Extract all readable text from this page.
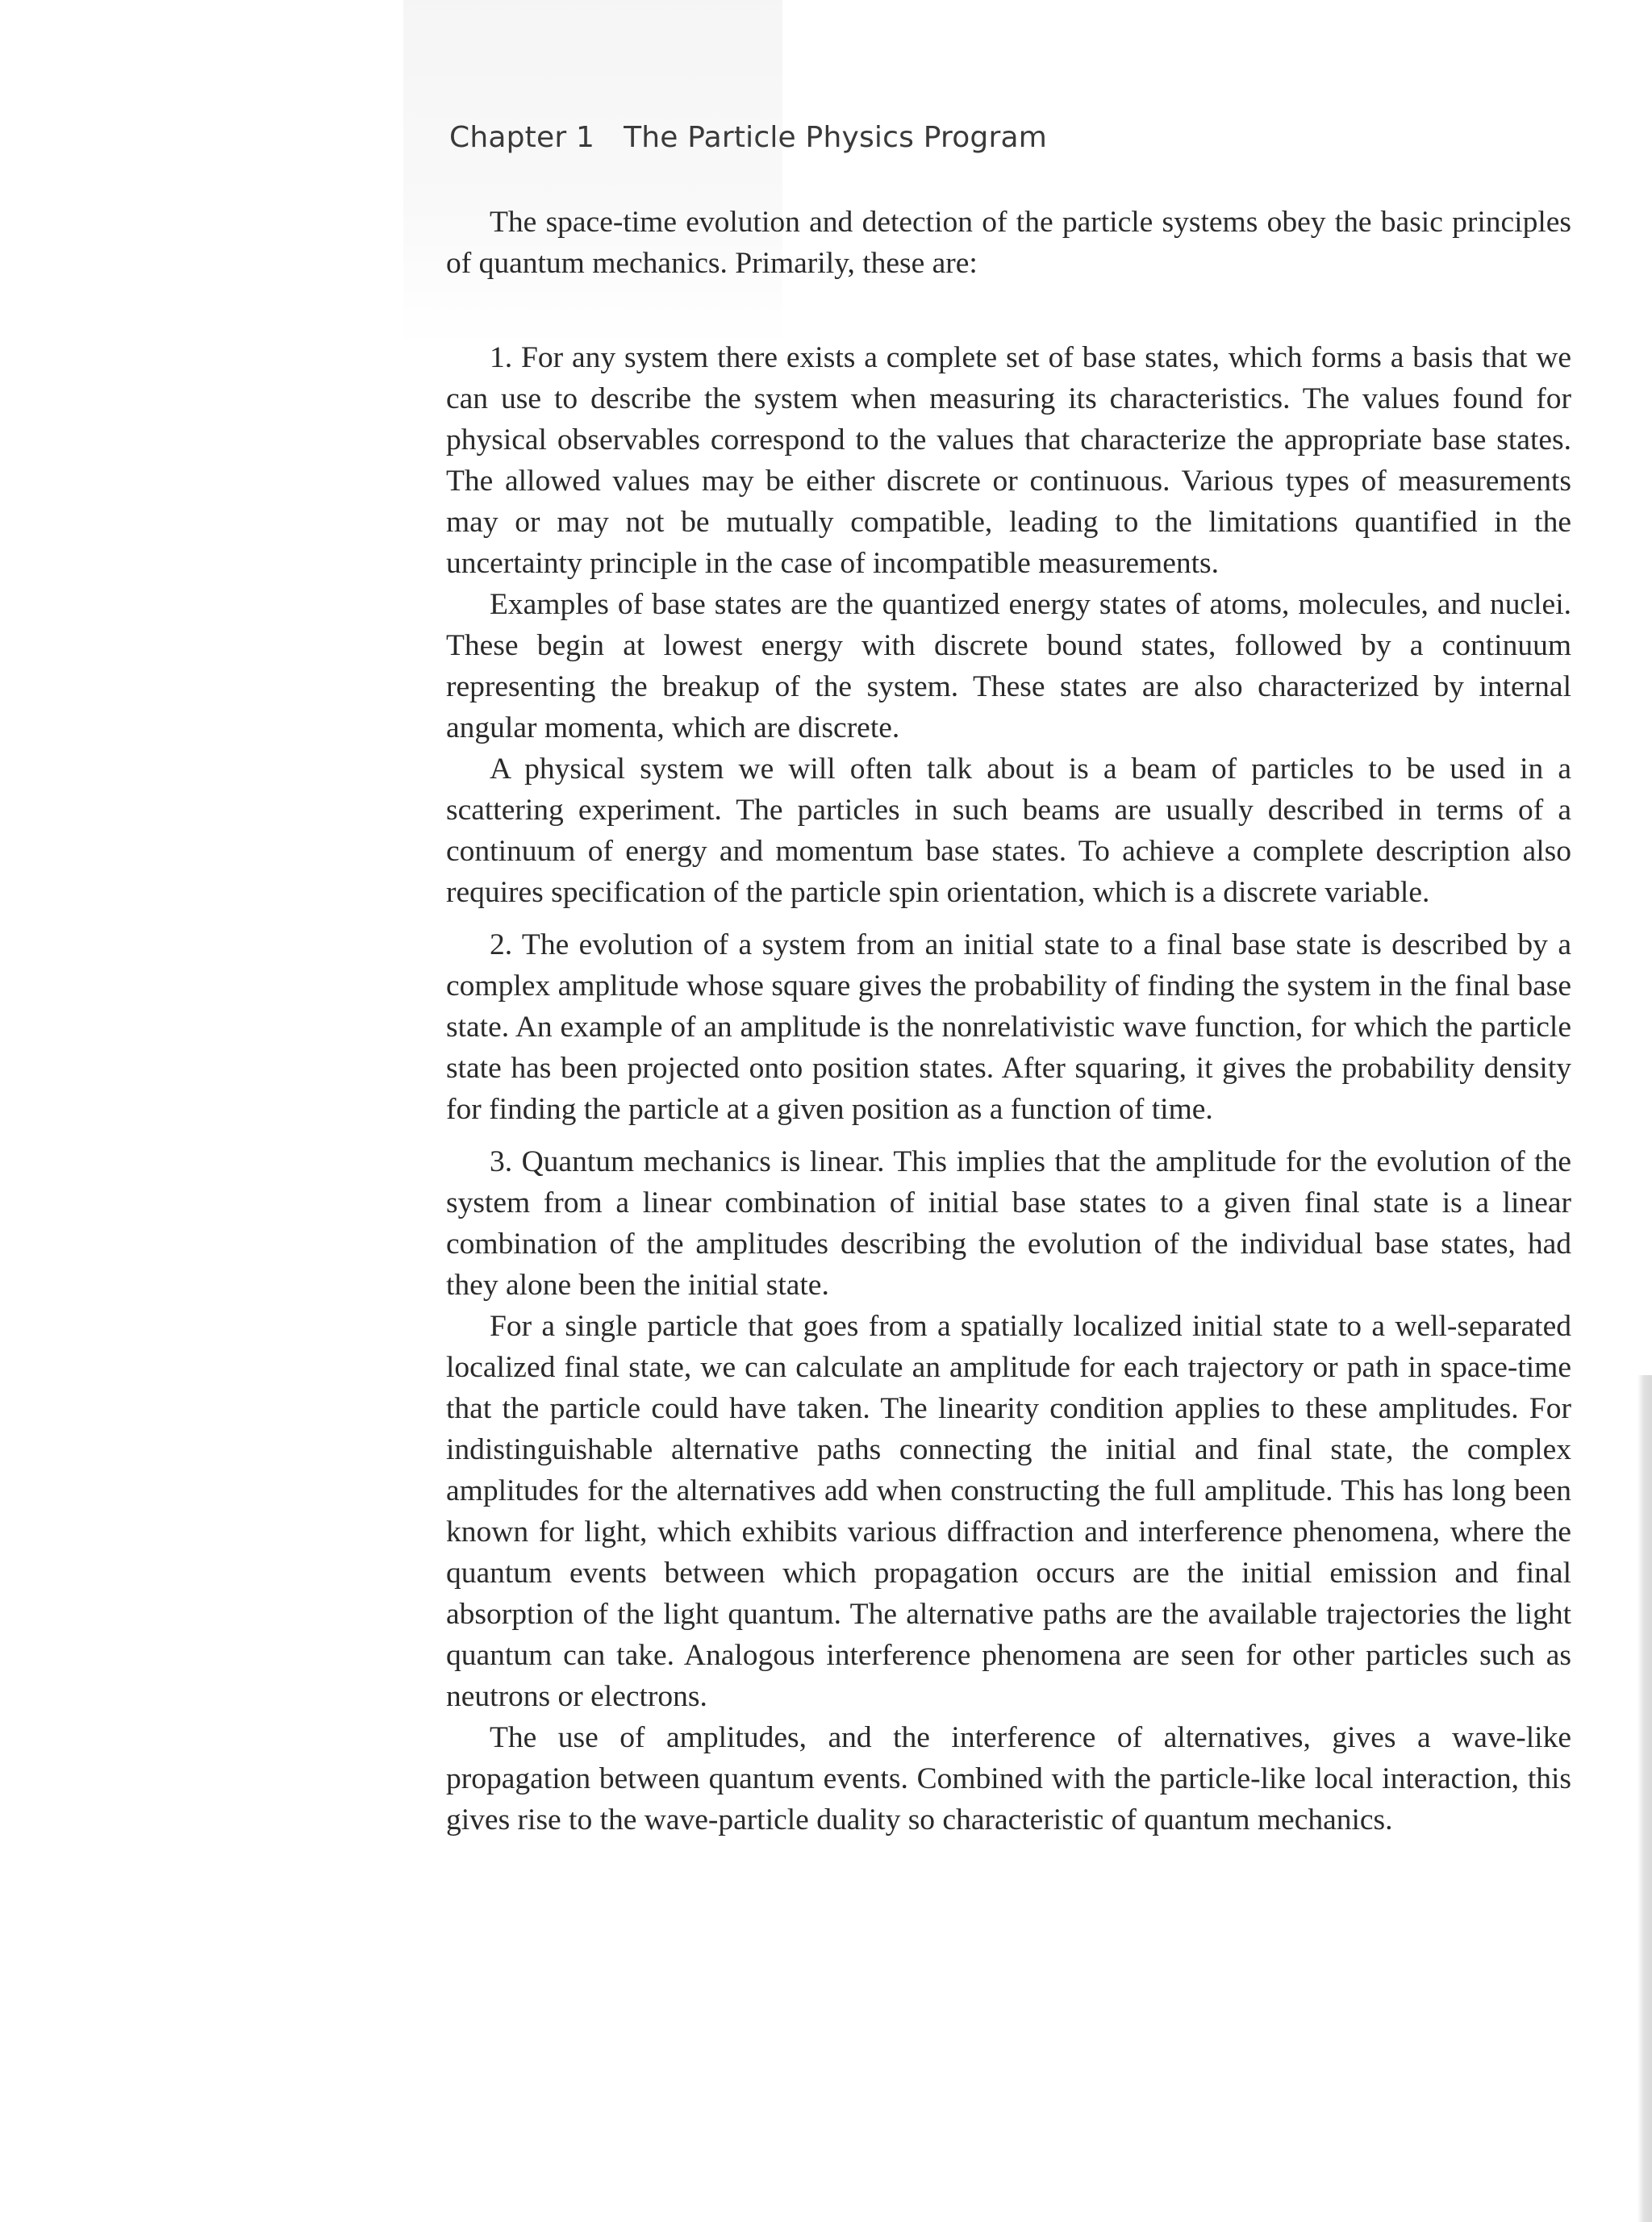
Chapter 1 The Particle Physics Program

The space-time evolution and detection of the particle systems obey the basic principles of quantum mechanics. Primarily, these are:

1. For any system there exists a complete set of base states, which forms a basis that we can use to describe the system when measuring its characteristics. The values found for physical observables correspond to the values that characterize the appropriate base states. The allowed values may be either discrete or continuous. Various types of measurements may or may not be mutually compatible, leading to the limitations quantified in the uncertainty principle in the case of incompatible measurements.

Examples of base states are the quantized energy states of atoms, molecules, and nuclei. These begin at lowest energy with discrete bound states, followed by a continuum representing the breakup of the system. These states are also characterized by internal angular momenta, which are discrete.

A physical system we will often talk about is a beam of particles to be used in a scattering experiment. The particles in such beams are usually described in terms of a continuum of energy and momentum base states. To achieve a complete description also requires specification of the particle spin orientation, which is a discrete variable.

2. The evolution of a system from an initial state to a final base state is described by a complex amplitude whose square gives the probability of finding the system in the final base state. An example of an amplitude is the nonrelativistic wave function, for which the particle state has been projected onto position states. After squaring, it gives the probability density for finding the particle at a given position as a function of time.

3. Quantum mechanics is linear. This implies that the amplitude for the evolution of the system from a linear combination of initial base states to a given final state is a linear combination of the amplitudes describing the evolution of the individual base states, had they alone been the initial state.

For a single particle that goes from a spatially localized initial state to a well-separated localized final state, we can calculate an amplitude for each trajectory or path in space-time that the particle could have taken. The linearity condition applies to these amplitudes. For indistinguishable alternative paths connecting the initial and final state, the complex amplitudes for the alternatives add when constructing the full amplitude. This has long been known for light, which exhibits various diffraction and interference phenomena, where the quantum events between which propagation occurs are the initial emission and final absorption of the light quantum. The alternative paths are the available trajectories the light quantum can take. Analogous interference phenomena are seen for other particles such as neutrons or electrons.

The use of amplitudes, and the interference of alternatives, gives a wave-like propagation between quantum events. Combined with the particle-like local interaction, this gives rise to the wave-particle duality so characteristic of quantum mechanics.
